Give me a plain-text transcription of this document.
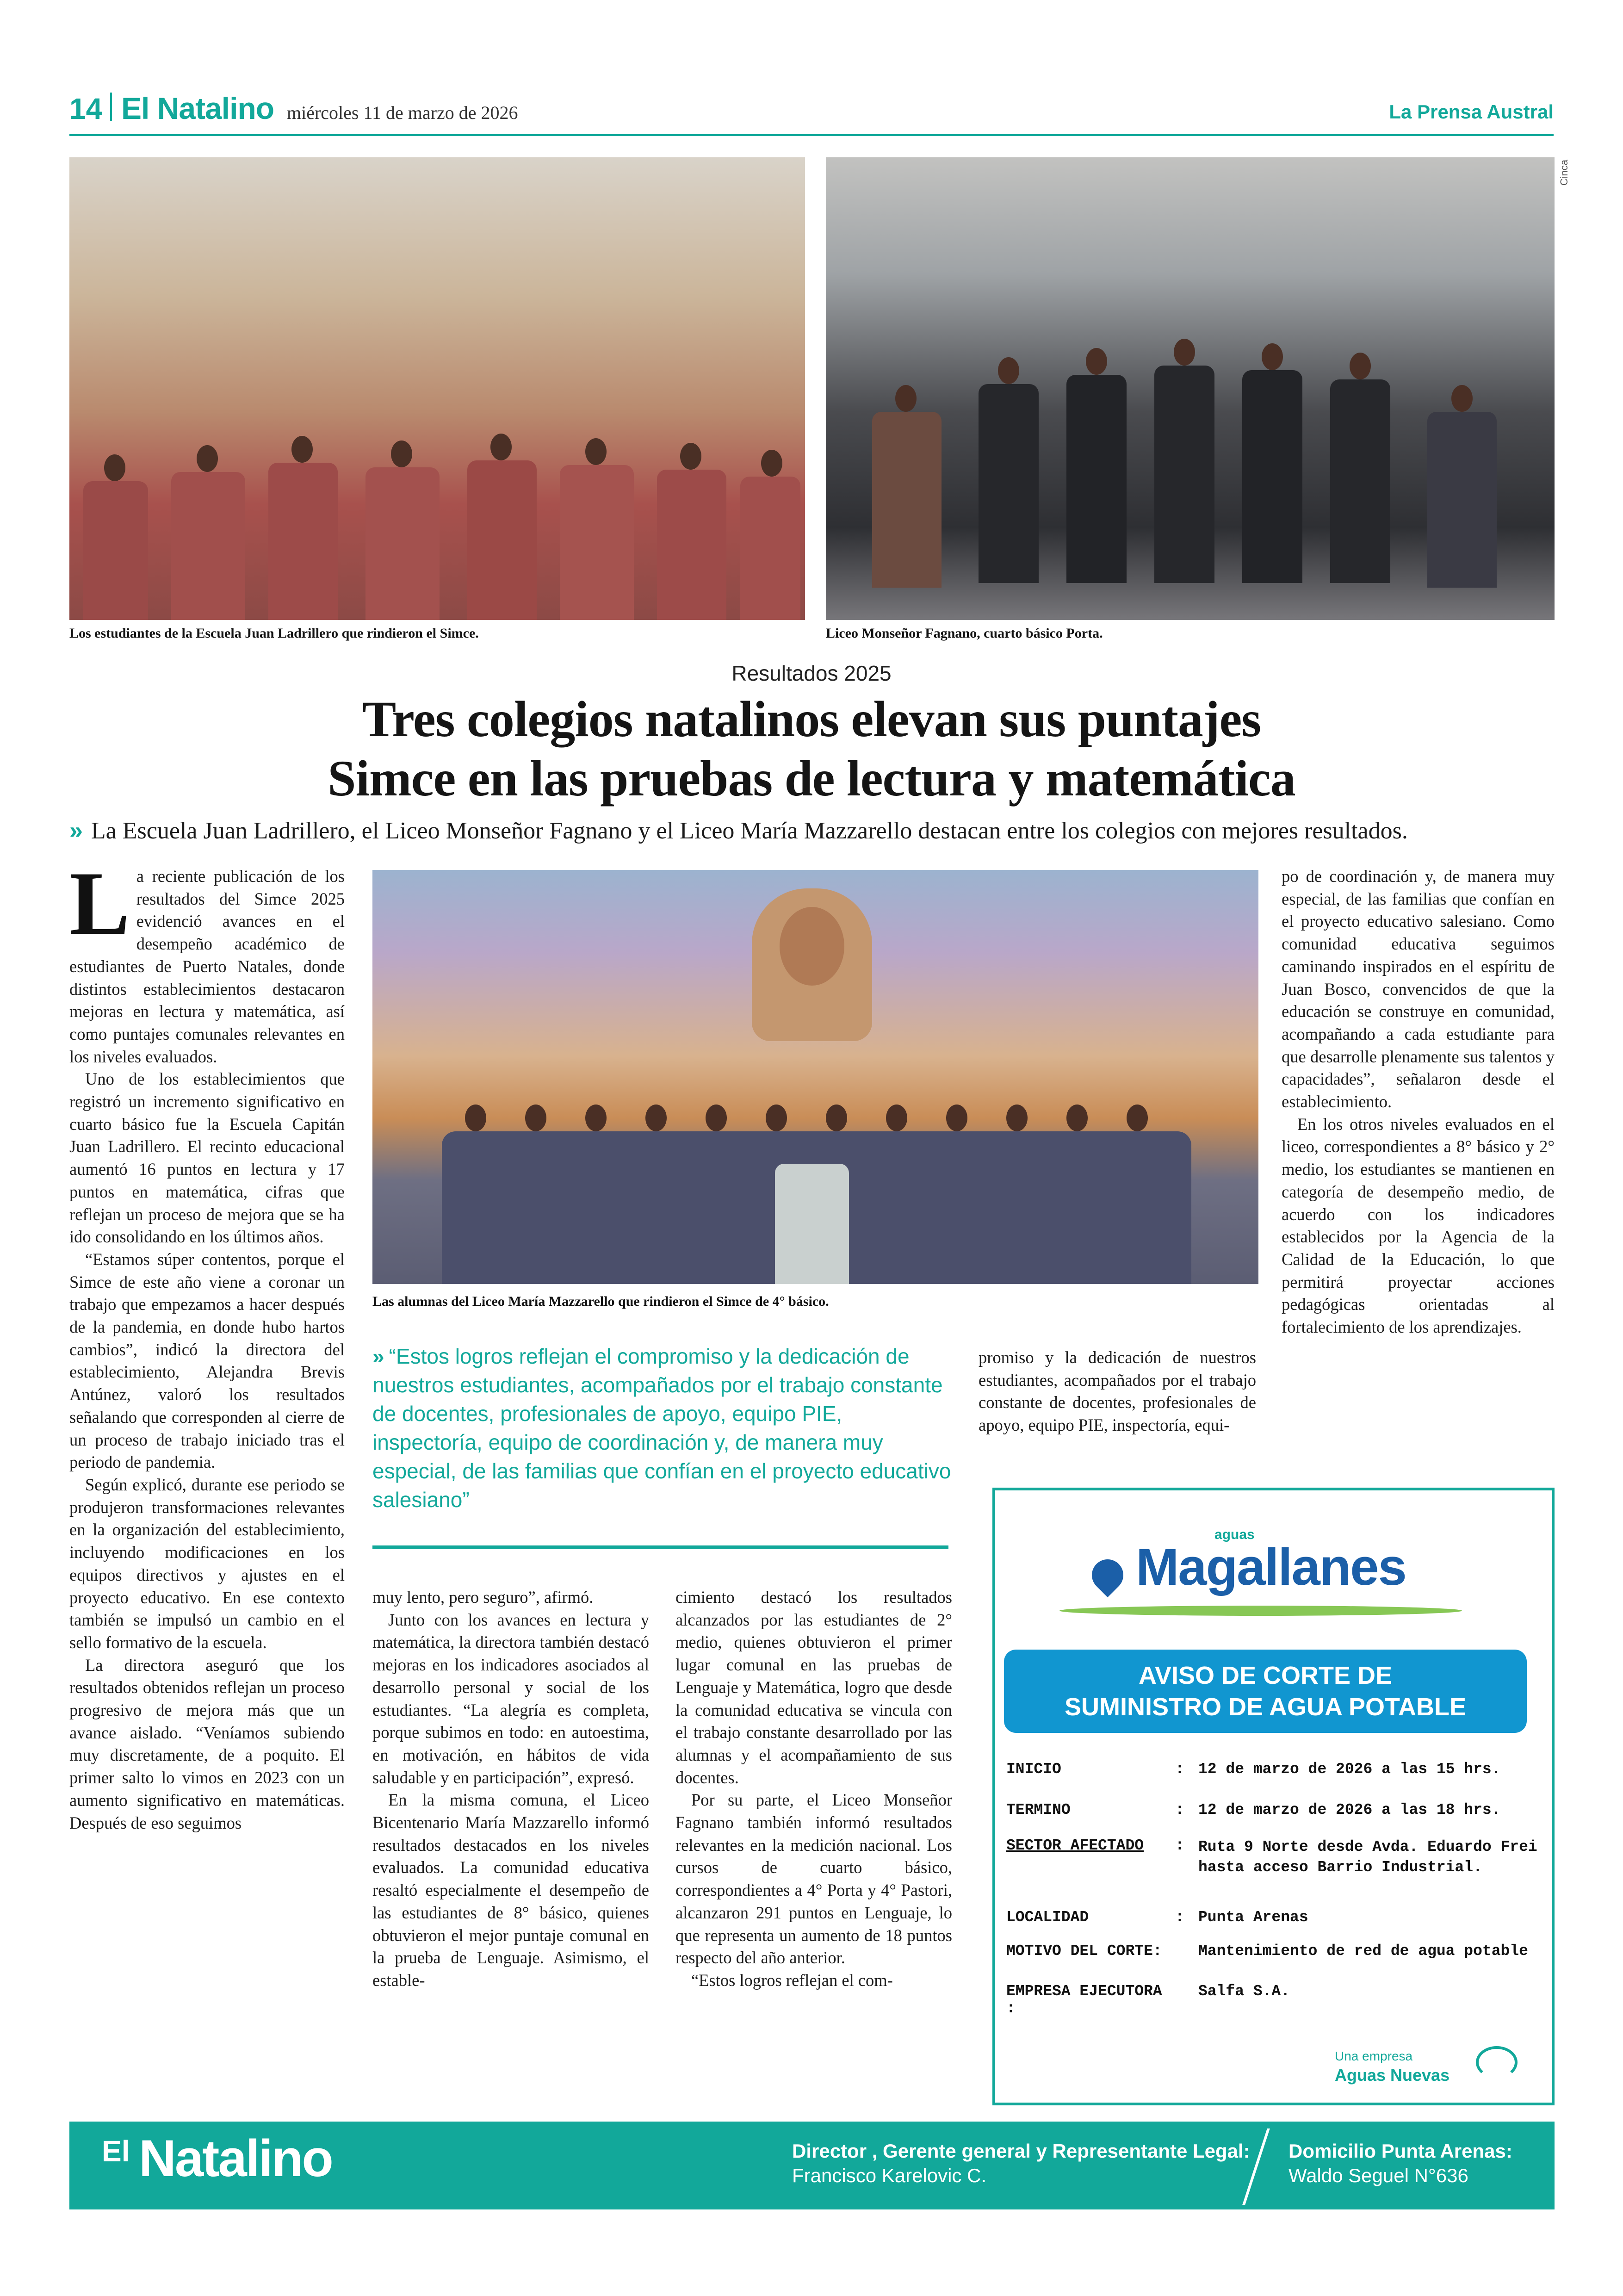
14 El Natalino miércoles 11 de marzo de 2026	La Prensa Austral
Cinca
Los estudiantes de la Escuela Juan Ladrillero que rindieron el Simce.	Liceo Monseñor Fagnano, cuarto básico Porta.
Resultados 2025
Tres colegios natalinos elevan sus puntajes
Simce en las pruebas de lectura y matemática
» La Escuela Juan Ladrillero, el Liceo Monseñor Fagnano y el Liceo María Mazzarello destacan entre los colegios con mejores resultados.

La reciente publicación de los resultados del Simce 2025 evidenció avances en el desempeño académico de estudiantes de Puerto Natales, donde distintos establecimientos destacaron mejoras en lectura y matemática, así como puntajes comunales relevantes en los niveles evaluados.

Uno de los establecimientos que registró un incremento significativo en cuarto básico fue la Escuela Capitán Juan Ladrillero. El recinto educacional aumentó 16 puntos en lectura y 17 puntos en matemática, cifras que reflejan un proceso de mejora que se ha ido consolidando en los últimos años.

“Estamos súper contentos, porque el Simce de este año viene a coronar un trabajo que empezamos a hacer después de la pandemia, en donde hubo hartos cambios”, indicó la directora del establecimiento, Alejandra Brevis Antúnez, valoró los resultados señalando que corresponden al cierre de un proceso de trabajo iniciado tras el periodo de pandemia.

Según explicó, durante ese periodo se produjeron transformaciones relevantes en la organización del establecimiento, incluyendo modificaciones en los equipos directivos y ajustes en el proyecto educativo. En ese contexto también se impulsó un cambio en el sello formativo de la escuela.

La directora aseguró que los resultados obtenidos reflejan un proceso progresivo de mejora más que un avance aislado. “Veníamos subiendo muy discretamente, de a poquito. El primer salto lo vimos en 2023 con un aumento significativo en matemáticas. Después de eso seguimos

Las alumnas del Liceo María Mazzarello que rindieron el Simce de 4° básico.
» “Estos logros reflejan el compromiso y la dedicación de nuestros estudiantes, acompañados por el trabajo constante de docentes, profesionales de apoyo, equipo PIE, inspectoría, equipo de coordinación y, de manera muy especial, de las familias que confían en el proyecto educativo salesiano”

muy lento, pero seguro”, afirmó.

Junto con los avances en lectura y matemática, la directora también destacó mejoras en los indicadores asociados al desarrollo personal y social de los estudiantes. “La alegría es completa, porque subimos en todo: en autoestima, en motivación, en hábitos de vida saludable y en participación”, expresó.

En la misma comuna, el Liceo Bicentenario María Mazzarello informó resultados destacados en los niveles evaluados. La comunidad educativa resaltó especialmente el desempeño de las estudiantes de 8° básico, quienes obtuvieron el mejor puntaje comunal en la prueba de Lenguaje. Asimismo, el estable-

cimiento destacó los resultados alcanzados por las estudiantes de 2° medio, quienes obtuvieron el primer lugar comunal en las pruebas de Lenguaje y Matemática, logro que desde la comunidad educativa se vincula con el trabajo constante desarrollado por las alumnas y el acompañamiento de sus docentes.

Por su parte, el Liceo Monseñor Fagnano también informó resultados relevantes en la medición nacional. Los cursos de cuarto básico, correspondientes a 4° Porta y 4° Pastori, alcanzaron 291 puntos en Lenguaje, lo que representa un aumento de 18 puntos respecto del año anterior.

“Estos logros reflejan el com-

promiso y la dedicación de nuestros estudiantes, acompañados por el trabajo constante de docentes, profesionales de apoyo, equipo PIE, inspectoría, equi-

po de coordinación y, de manera muy especial, de las familias que confían en el proyecto educativo salesiano. Como comunidad educativa seguimos caminando inspirados en el espíritu de Juan Bosco, convencidos de que la educación se construye en comunidad, acompañando a cada estudiante para que desarrolle plenamente sus talentos y capacidades”, señalaron desde el establecimiento.

En los otros niveles evaluados en el liceo, correspondientes a 8° básico y 2° medio, los estudiantes se mantienen en categoría de desempeño medio, de acuerdo con los indicadores establecidos por la Agencia de la Calidad de la Educación, lo que permitirá proyectar acciones pedagógicas orientadas al fortalecimiento de los aprendizajes.

aguas
Magallanes
AVISO DE CORTE DE
SUMINISTRO DE AGUA POTABLE
INICIO	: 12 de marzo de 2026 a las 15 hrs.
TERMINO	: 12 de marzo de 2026 a las 18 hrs.
SECTOR AFECTADO	: Ruta 9 Norte desde Avda. Eduardo Frei hasta acceso Barrio Industrial.
LOCALIDAD	: Punta Arenas
MOTIVO DEL CORTE:	Mantenimiento de red de agua potable
EMPRESA EJECUTORA :
Salfa S.A.
Una empresa
Aguas Nuevas
El Natalino	Director , Gerente general y Representante Legal:
Francisco Karelovic C.
Domicilio Punta Arenas:
Waldo Seguel N°636
